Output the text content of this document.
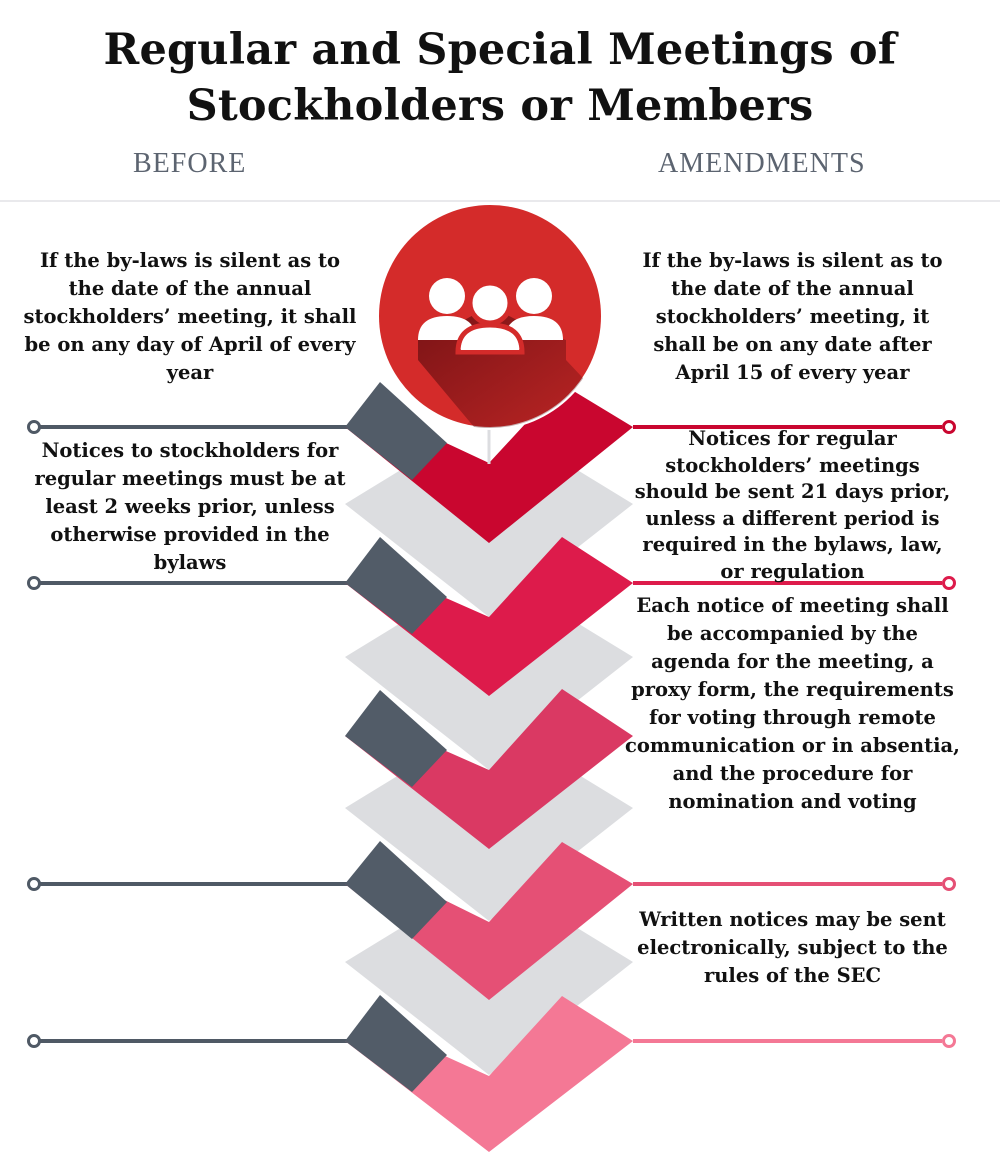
Regular and Special Meetings of Stockholders or Members
BEFORE	AMENDMENTS

If the by-laws is silent as to the date of the annual stockholders’ meeting, it shall be on any day of April of every year

Notices to stockholders for regular meetings must be at least 2 weeks prior, unless otherwise provided in the bylaws

If the by-laws is silent as to the date of the annual stockholders’ meeting, it shall be on any date after April 15 of every year

Notices for regular stockholders’ meetings should be sent 21 days prior, unless a different period is required in the bylaws, law, or regulation

Each notice of meeting shall be accompanied by the agenda for the meeting, a proxy form, the requirements for voting through remote communication or in absentia, and the procedure for nomination and voting

Written notices may be sent electronically, subject to the rules of the SEC
